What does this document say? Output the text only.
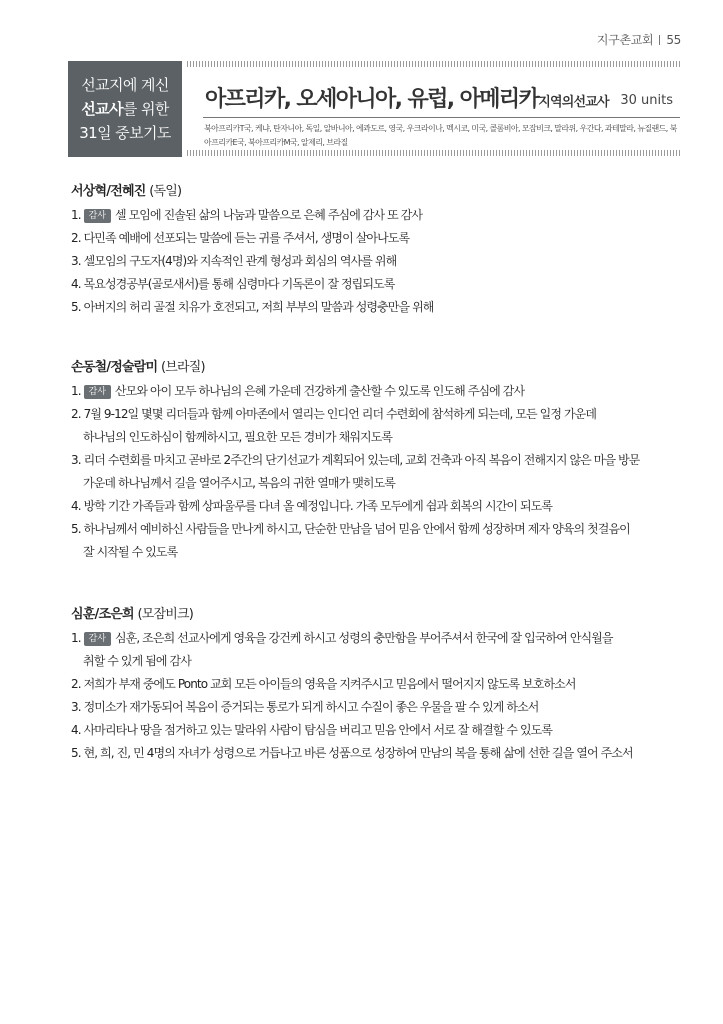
지구촌교회 55
선교지에 계신
선교사를 위한
31일 중보기도
아프리카, 오세아니아, 유럽, 아메리카지역의선교사 30 units
북아프리카T국, 케냐, 탄자니아, 독일, 알바니아, 에콰도르, 영국, 우크라이나, 멕시코, 미국, 콜롬비아, 모잠비크, 말라위, 우간다, 과테말라, 뉴질랜드, 북아프리카E국, 북아프리카M국, 알제리, 브라질
서상혁/전혜진 (독일)
1. 감사 셀 모임에 진솔된 삶의 나눔과 말씀으로 은혜 주심에 감사 또 감사
2. 다민족 예배에 선포되는 말씀에 듣는 귀를 주셔서, 생명이 살아나도록
3. 셀모임의 구도자(4명)와 지속적인 관계 형성과 회심의 역사를 위해
4. 목요성경공부(골로새서)를 통해 심령마다 기독론이 잘 정립되도록
5. 아버지의 허리 골절 치유가 호전되고, 저희 부부의 말씀과 성령충만을 위해
손동철/정술람미 (브라질)
1. 감사 산모와 아이 모두 하나님의 은혜 가운데 건강하게 출산할 수 있도록 인도해 주심에 감사
2. 7월 9-12일 몇몇 리더들과 함께 아마존에서 열리는 인디언 리더 수련회에 참석하게 되는데, 모든 일정 가운데
하나님의 인도하심이 함께하시고, 필요한 모든 경비가 채워지도록
3. 리더 수련회를 마치고 곧바로 2주간의 단기선교가 계획되어 있는데, 교회 건축과 아직 복음이 전해지지 않은 마을 방문
가운데 하나님께서 길을 열어주시고, 복음의 귀한 열매가 맺히도록
4. 방학 기간 가족들과 함께 상파울루를 다녀 올 예정입니다. 가족 모두에게 쉼과 회복의 시간이 되도록
5. 하나님께서 예비하신 사람들을 만나게 하시고, 단순한 만남을 넘어 믿음 안에서 함께 성장하며 제자 양육의 첫걸음이
잘 시작될 수 있도록
심훈/조은희 (모잠비크)
1. 감사 심훈, 조은희 선교사에게 영육을 강건케 하시고 성령의 충만함을 부어주셔서 한국에 잘 입국하여 안식월을
취할 수 있게 됨에 감사
2. 저희가 부재 중에도 Ponto 교회 모든 아이들의 영육을 지켜주시고 믿음에서 떨어지지 않도록 보호하소서
3. 정미소가 재가동되어 복음이 증거되는 통로가 되게 하시고 수질이 좋은 우물을 팔 수 있게 하소서
4. 사마리타나 땅을 점거하고 있는 말라위 사람이 탐심을 버리고 믿음 안에서 서로 잘 해결할 수 있도록
5. 현, 희, 진, 민 4명의 자녀가 성령으로 거듭나고 바른 성품으로 성장하여 만남의 복을 통해 삶에 선한 길을 열어 주소서
